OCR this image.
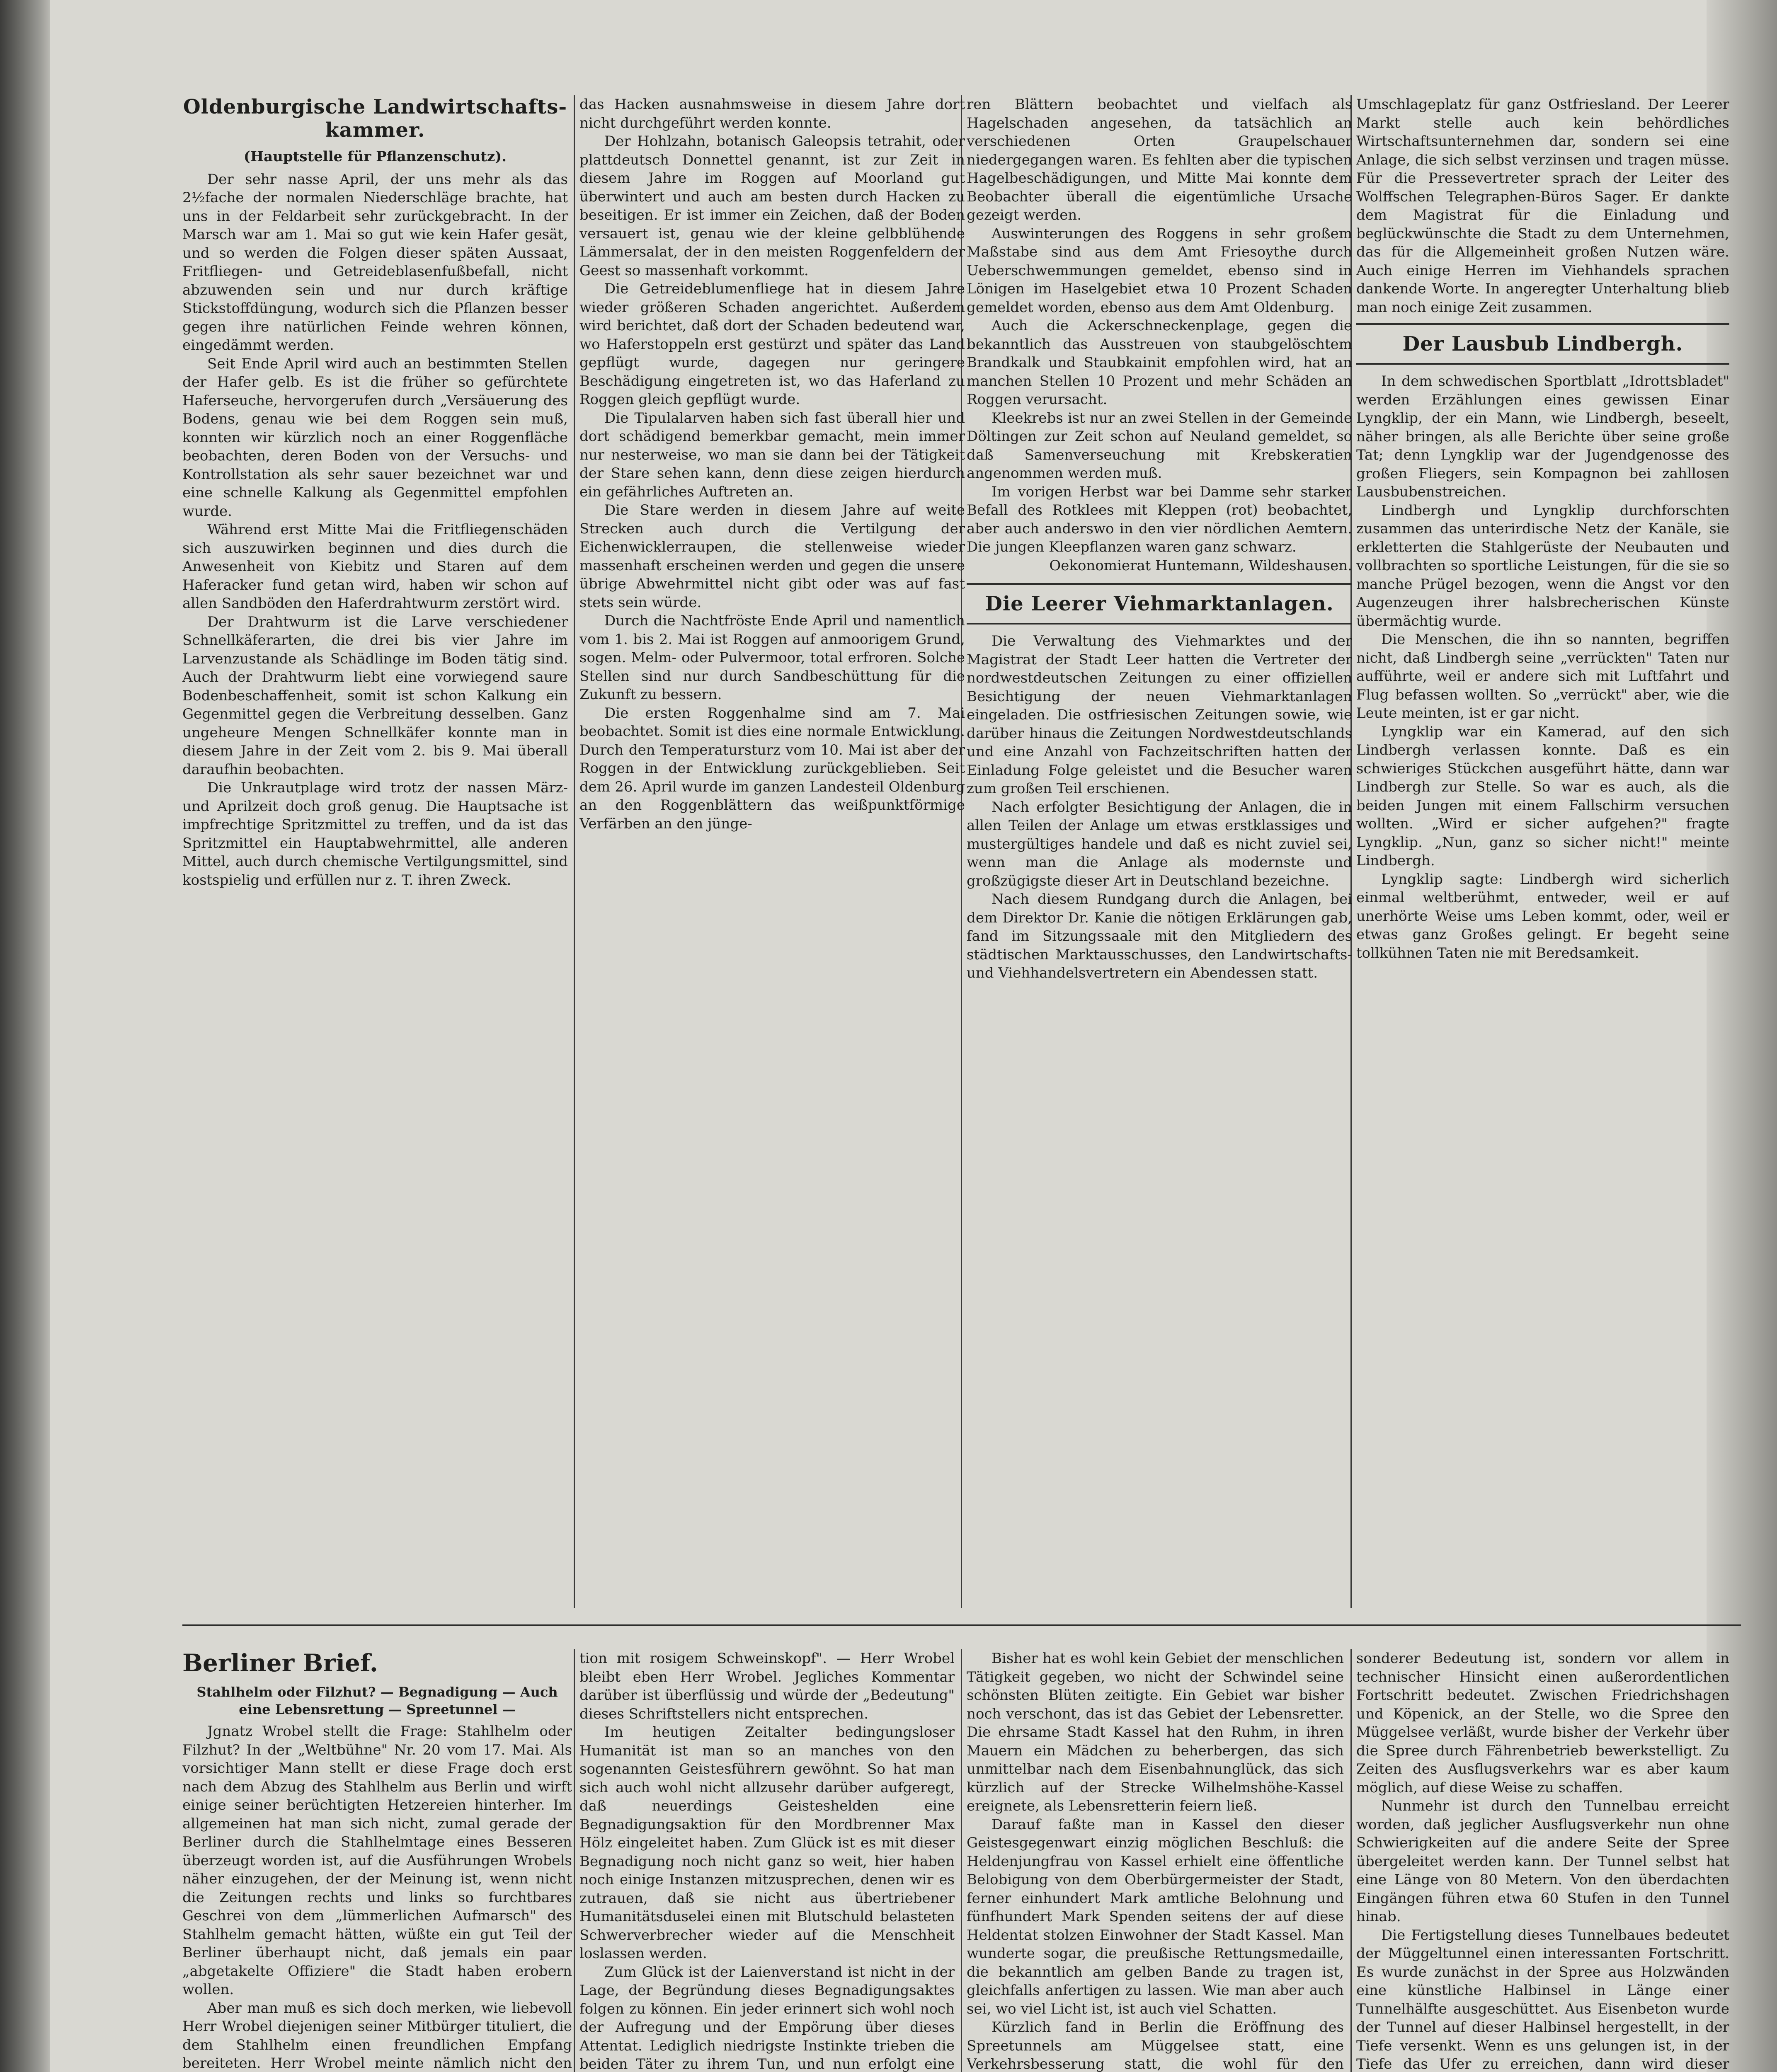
Oldenburgische Landwirtschafts-kammer.
(Hauptstelle für Pflanzenschutz).

Der sehr nasse April, der uns mehr als das 2½fache der normalen Niederschläge brachte, hat uns in der Feldarbeit sehr zurückgebracht. In der Marsch war am 1. Mai so gut wie kein Hafer gesät, und so werden die Folgen dieser späten Aussaat, Fritfliegen- und Getreideblasenfußbefall, nicht abzuwenden sein und nur durch kräftige Stickstoffdüngung, wodurch sich die Pflanzen besser gegen ihre natürlichen Feinde wehren können, eingedämmt werden.

Seit Ende April wird auch an bestimmten Stellen der Hafer gelb. Es ist die früher so gefürchtete Haferseuche, hervorgerufen durch „Versäuerung des Bodens, genau wie bei dem Roggen sein muß, konnten wir kürzlich noch an einer Roggenfläche beobachten, deren Boden von der Versuchs- und Kontrollstation als sehr sauer bezeichnet war und eine schnelle Kalkung als Gegenmittel empfohlen wurde.

Während erst Mitte Mai die Fritfliegenschäden sich auszuwirken beginnen und dies durch die Anwesenheit von Kiebitz und Staren auf dem Haferacker fund getan wird, haben wir schon auf allen Sandböden den Haferdrahtwurm zerstört wird.

Der Drahtwurm ist die Larve verschiedener Schnellkäferarten, die drei bis vier Jahre im Larvenzustande als Schädlinge im Boden tätig sind. Auch der Drahtwurm liebt eine vorwiegend saure Bodenbeschaffenheit, somit ist schon Kalkung ein Gegenmittel gegen die Verbreitung desselben. Ganz ungeheure Mengen Schnellkäfer konnte man in diesem Jahre in der Zeit vom 2. bis 9. Mai überall daraufhin beobachten.

Die Unkrautplage wird trotz der nassen März- und Aprilzeit doch groß genug. Die Hauptsache ist impfrechtige Spritzmittel zu treffen, und da ist das Spritzmittel ein Hauptabwehrmittel, alle anderen Mittel, auch durch chemische Vertilgungsmittel, sind kostspielig und erfüllen nur z. T. ihren Zweck.

das Hacken ausnahmsweise in diesem Jahre dort nicht durchgeführt werden konnte.

Der Hohlzahn, botanisch Galeopsis tetrahit, oder plattdeutsch Donnettel genannt, ist zur Zeit in diesem Jahre im Roggen auf Moorland gut überwintert und auch am besten durch Hacken zu beseitigen. Er ist immer ein Zeichen, daß der Boden versauert ist, genau wie der kleine gelbblühende Lämmersalat, der in den meisten Roggenfeldern der Geest so massenhaft vorkommt.

Die Getreideblumenfliege hat in diesem Jahre wieder größeren Schaden angerichtet. Außerdem wird berichtet, daß dort der Schaden bedeutend war, wo Haferstoppeln erst gestürzt und später das Land gepflügt wurde, dagegen nur geringere Beschädigung eingetreten ist, wo das Haferland zu Roggen gleich gepflügt wurde.

Die Tipulalarven haben sich fast überall hier und dort schädigend bemerkbar gemacht, mein immer nur nesterweise, wo man sie dann bei der Tätigkeit der Stare sehen kann, denn diese zeigen hierdurch ein gefährliches Auftreten an.

Die Stare werden in diesem Jahre auf weite Strecken auch durch die Vertilgung der Eichenwicklerraupen, die stellenweise wieder massenhaft erscheinen werden und gegen die unsere übrige Abwehrmittel nicht gibt oder was auf fast stets sein würde.

Durch die Nachtfröste Ende April und namentlich vom 1. bis 2. Mai ist Roggen auf anmoorigem Grund, sogen. Melm- oder Pulvermoor, total erfroren. Solche Stellen sind nur durch Sandbeschüttung für die Zukunft zu bessern.

Die ersten Roggenhalme sind am 7. Mai beobachtet. Somit ist dies eine normale Entwicklung. Durch den Temperatursturz vom 10. Mai ist aber der Roggen in der Entwicklung zurückgeblieben. Seit dem 26. April wurde im ganzen Landesteil Oldenburg an den Roggenblättern das weißpunktförmige Verfärben an den jünge-

ren Blättern beobachtet und vielfach als Hagelschaden angesehen, da tatsächlich an verschiedenen Orten Graupelschauer niedergegangen waren. Es fehlten aber die typischen Hagelbeschädigungen, und Mitte Mai konnte dem Beobachter überall die eigentümliche Ursache gezeigt werden.

Auswinterungen des Roggens in sehr großem Maßstabe sind aus dem Amt Friesoythe durch Ueberschwemmungen gemeldet, ebenso sind in Lönigen im Haselgebiet etwa 10 Prozent Schaden gemeldet worden, ebenso aus dem Amt Oldenburg.

Auch die Ackerschneckenplage, gegen die bekanntlich das Ausstreuen von staubgelöschtem Brandkalk und Staubkainit empfohlen wird, hat an manchen Stellen 10 Prozent und mehr Schäden an Roggen verursacht.

Kleekrebs ist nur an zwei Stellen in der Gemeinde Döltingen zur Zeit schon auf Neuland gemeldet, so daß Samenverseuchung mit Krebskeratien angenommen werden muß.

Im vorigen Herbst war bei Damme sehr starker Befall des Rotklees mit Kleppen (rot) beobachtet, aber auch anderswo in den vier nördlichen Aemtern. Die jungen Kleepflanzen waren ganz schwarz.

Oekonomierat Huntemann, Wildeshausen.

Die Leerer Viehmarktanlagen.

Die Verwaltung des Viehmarktes und der Magistrat der Stadt Leer hatten die Vertreter der nordwestdeutschen Zeitungen zu einer offiziellen Besichtigung der neuen Viehmarktanlagen eingeladen. Die ostfriesischen Zeitungen sowie, wie darüber hinaus die Zeitungen Nordwestdeutschlands und eine Anzahl von Fachzeitschriften hatten der Einladung Folge geleistet und die Besucher waren zum großen Teil erschienen.

Nach erfolgter Besichtigung der Anlagen, die in allen Teilen der Anlage um etwas erstklassiges und mustergültiges handele und daß es nicht zuviel sei, wenn man die Anlage als modernste und großzügigste dieser Art in Deutschland bezeichne.

Nach diesem Rundgang durch die Anlagen, bei dem Direktor Dr. Kanie die nötigen Erklärungen gab, fand im Sitzungssaale mit den Mitgliedern des städtischen Marktausschusses, den Landwirtschafts- und Viehhandelsvertretern ein Abendessen statt.

Umschlageplatz für ganz Ostfriesland. Der Leerer Markt stelle auch kein behördliches Wirtschaftsunternehmen dar, sondern sei eine Anlage, die sich selbst verzinsen und tragen müsse. Für die Pressevertreter sprach der Leiter des Wolffschen Telegraphen-Büros Sager. Er dankte dem Magistrat für die Einladung und beglückwünschte die Stadt zu dem Unternehmen, das für die Allgemeinheit großen Nutzen wäre. Auch einige Herren im Viehhandels sprachen dankende Worte. In angeregter Unterhaltung blieb man noch einige Zeit zusammen.

Der Lausbub Lindbergh.

In dem schwedischen Sportblatt „Idrottsbladet" werden Erzählungen eines gewissen Einar Lyngklip, der ein Mann, wie Lindbergh, beseelt, näher bringen, als alle Berichte über seine große Tat; denn Lyngklip war der Jugendgenosse des großen Fliegers, sein Kompagnon bei zahllosen Lausbubenstreichen.

Lindbergh und Lyngklip durchforschten zusammen das unterirdische Netz der Kanäle, sie erkletterten die Stahlgerüste der Neubauten und vollbrachten so sportliche Leistungen, für die sie so manche Prügel bezogen, wenn die Angst vor den Augenzeugen ihrer halsbrecherischen Künste übermächtig wurde.

Die Menschen, die ihn so nannten, begriffen nicht, daß Lindbergh seine „verrückten" Taten nur aufführte, weil er andere sich mit Luftfahrt und Flug befassen wollten. So „verrückt" aber, wie die Leute meinten, ist er gar nicht.

Lyngklip war ein Kamerad, auf den sich Lindbergh verlassen konnte. Daß es ein schwieriges Stückchen ausgeführt hätte, dann war Lindbergh zur Stelle. So war es auch, als die beiden Jungen mit einem Fallschirm versuchen wollten. „Wird er sicher aufgehen?" fragte Lyngklip. „Nun, ganz so sicher nicht!" meinte Lindbergh.

Lyngklip sagte: Lindbergh wird sicherlich einmal weltberühmt, entweder, weil er auf unerhörte Weise ums Leben kommt, oder, weil er etwas ganz Großes gelingt. Er begeht seine tollkühnen Taten nie mit Beredsamkeit.

Berliner Brief.
Stahlhelm oder Filzhut? — Begnadigung — Auch eine Lebensrettung — Spreetunnel —

Jgnatz Wrobel stellt die Frage: Stahlhelm oder Filzhut? In der „Weltbühne" Nr. 20 vom 17. Mai. Als vorsichtiger Mann stellt er diese Frage doch erst nach dem Abzug des Stahlhelm aus Berlin und wirft einige seiner berüchtigten Hetzereien hinterher. Im allgemeinen hat man sich nicht, zumal gerade der Berliner durch die Stahlhelmtage eines Besseren überzeugt worden ist, auf die Ausführungen Wrobels näher einzugehen, der der Meinung ist, wenn nicht die Zeitungen rechts und links so furchtbares Geschrei von dem „lümmerlichen Aufmarsch" des Stahlhelm gemacht hätten, wüßte ein gut Teil der Berliner überhaupt nicht, daß jemals ein paar „abgetakelte Offiziere" die Stadt haben erobern wollen.

Aber man muß es sich doch merken, wie liebevoll Herr Wrobel diejenigen seiner Mitbürger tituliert, die dem Stahlhelm einen freundlichen Empfang bereiteten. Herr Wrobel meinte nämlich nicht den

tion mit rosigem Schweinskopf". — Herr Wrobel bleibt eben Herr Wrobel. Jegliches Kommentar darüber ist überflüssig und würde der „Bedeutung" dieses Schriftstellers nicht entsprechen.

Im heutigen Zeitalter bedingungsloser Humanität ist man so an manches von den sogenannten Geistesführern gewöhnt. So hat man sich auch wohl nicht allzusehr darüber aufgeregt, daß neuerdings Geisteshelden eine Begnadigungsaktion für den Mordbrenner Max Hölz eingeleitet haben. Zum Glück ist es mit dieser Begnadigung noch nicht ganz so weit, hier haben noch einige Instanzen mitzusprechen, denen wir es zutrauen, daß sie nicht aus übertriebener Humanitätsduselei einen mit Blutschuld belasteten Schwerverbrecher wieder auf die Menschheit loslassen werden.

Zum Glück ist der Laienverstand ist nicht in der Lage, der Begründung dieses Begnadigungsaktes folgen zu können. Ein jeder erinnert sich wohl noch der Aufregung und der Empörung über dieses Attentat. Lediglich niedrigste Instinkte trieben die beiden Täter zu ihrem Tun, und nun erfolgt eine

Bisher hat es wohl kein Gebiet der menschlichen Tätigkeit gegeben, wo nicht der Schwindel seine schönsten Blüten zeitigte. Ein Gebiet war bisher noch verschont, das ist das Gebiet der Lebensretter. Die ehrsame Stadt Kassel hat den Ruhm, in ihren Mauern ein Mädchen zu beherbergen, das sich unmittelbar nach dem Eisenbahnunglück, das sich kürzlich auf der Strecke Wilhelmshöhe-Kassel ereignete, als Lebensretterin feiern ließ.

Darauf faßte man in Kassel den dieser Geistesgegenwart einzig möglichen Beschluß: die Heldenjungfrau von Kassel erhielt eine öffentliche Belobigung von dem Oberbürgermeister der Stadt, ferner einhundert Mark amtliche Belohnung und fünfhundert Mark Spenden seitens der auf diese Heldentat stolzen Einwohner der Stadt Kassel. Man wunderte sogar, die preußische Rettungsmedaille, die bekanntlich am gelben Bande zu tragen ist, gleichfalls anfertigen zu lassen. Wie man aber auch sei, wo viel Licht ist, ist auch viel Schatten.

Kürzlich fand in Berlin die Eröffnung des Spreetunnels am Müggelsee statt, eine Verkehrsbesserung statt, die wohl für den

sonderer Bedeutung ist, sondern vor allem in technischer Hinsicht einen außerordentlichen Fortschritt bedeutet. Zwischen Friedrichshagen und Köpenick, an der Stelle, wo die Spree den Müggelsee verläßt, wurde bisher der Verkehr über die Spree durch Fährenbetrieb bewerkstelligt. Zu Zeiten des Ausflugsverkehrs war es aber kaum möglich, auf diese Weise zu schaffen.

Nunmehr ist durch den Tunnelbau erreicht worden, daß jeglicher Ausflugsverkehr nun ohne Schwierigkeiten auf die andere Seite der Spree übergeleitet werden kann. Der Tunnel selbst hat eine Länge von 80 Metern. Von den überdachten Eingängen führen etwa 60 Stufen in den Tunnel hinab.

Die Fertigstellung dieses Tunnelbaues bedeutet der Müggeltunnel einen interessanten Fortschritt. Es wurde zunächst in der Spree aus Holzwänden eine künstliche Halbinsel in Länge einer Tunnelhälfte ausgeschüttet. Aus Eisenbeton wurde der Tunnel auf dieser Halbinsel hergestellt, in der Tiefe versenkt. Wenn es uns gelungen ist, in der Tiefe das Ufer zu erreichen, dann wird dieser
